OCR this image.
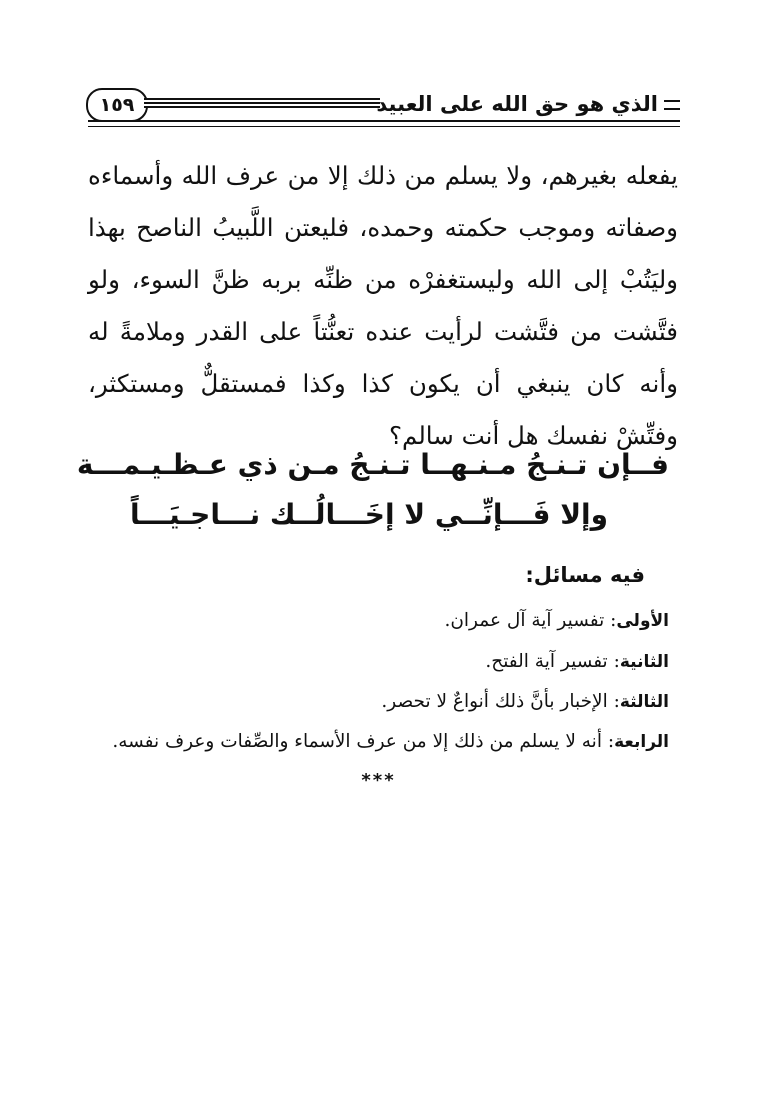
١٥٩	الذي هو حق الله على العبيد
يفعله بغيرهم، ولا يسلم من ذلك إلا من عرف الله وأسماءه وصفاته وموجب حكمته وحمده، فليعتن اللَّبيبُ الناصح بهذا وليَتُبْ إلى الله وليستغفرْه من ظنِّه بربه ظنَّ السوء، ولو فتَّشت من فتَّشت لرأيت عنده تعنُّتاً على القدر وملامةً له وأنه كان ينبغي أن يكون كذا وكذا فمستقلٌّ ومستكثر، وفتِّشْ نفسك هل أنت سالم؟
فــإن تـنـجُ مـنـهــا تـنـجُ مـن ذي عـظـيـمـــة
وإلا فَـــإنِّــي لا إخَـــالُــك نـــاجـيَـــاً
فيه مسائل:
الأولى: تفسير آية آل عمران.
الثانية: تفسير آية الفتح.
الثالثة: الإخبار بأنَّ ذلك أنواعٌ لا تحصر.
الرابعة: أنه لا يسلم من ذلك إلا من عرف الأسماء والصِّفات وعرف نفسه.
***
